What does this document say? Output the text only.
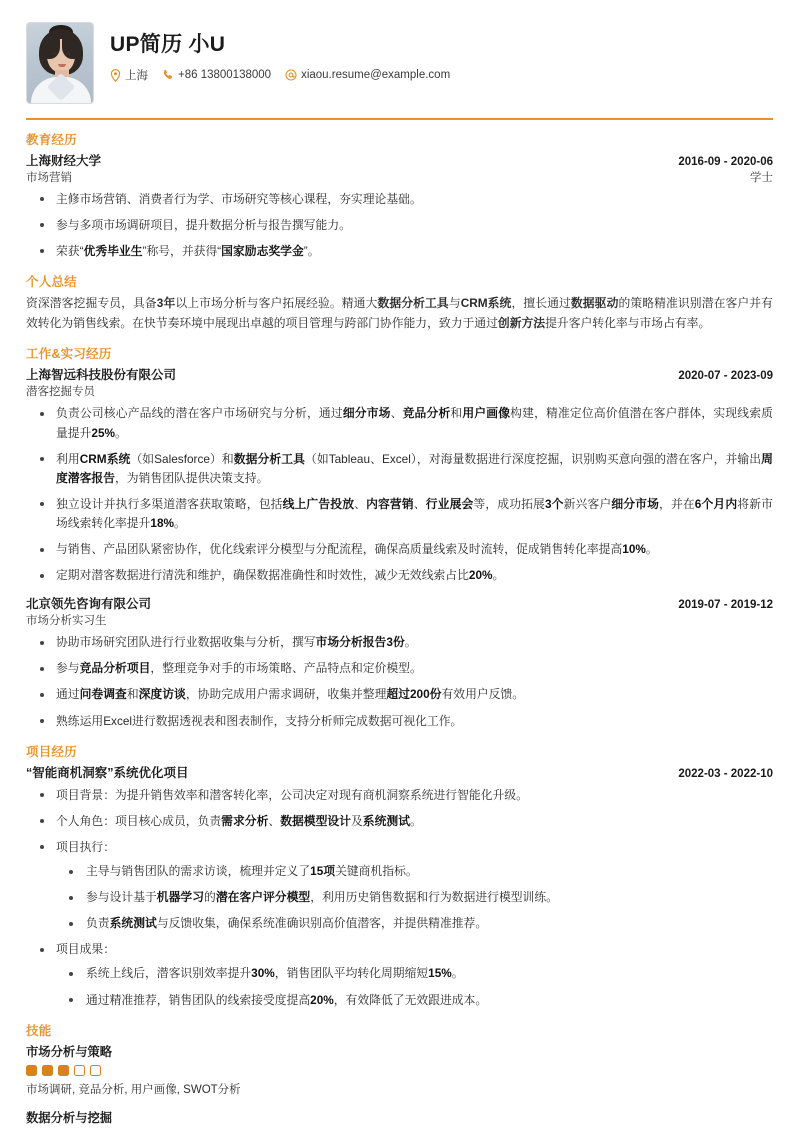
UP简历 小U
上海	+86 13800138000	xiaou.resume@example.com
教育经历
上海财经大学	2016-09 - 2020-06
市场营销	学士
主修市场营销、消费者行为学、市场研究等核心课程，夯实理论基础。
参与多项市场调研项目，提升数据分析与报告撰写能力。
荣获“优秀毕业生”称号，并获得“国家励志奖学金”。
个人总结
资深潜客挖掘专员，具备3年以上市场分析与客户拓展经验。精通大数据分析工具与CRM系统，擅长通过数据驱动的策略精准识别潜在客户并有效转化为销售线索。在快节奏环境中展现出卓越的项目管理与跨部门协作能力，致力于通过创新方法提升客户转化率与市场占有率。
工作&实习经历
上海智远科技股份有限公司	2020-07 - 2023-09
潜客挖掘专员
负责公司核心产品线的潜在客户市场研究与分析，通过细分市场、竞品分析和用户画像构建，精准定位高价值潜在客户群体，实现线索质量提升25%。
利用CRM系统（如Salesforce）和数据分析工具（如Tableau、Excel），对海量数据进行深度挖掘，识别购买意向强的潜在客户，并输出周度潜客报告，为销售团队提供决策支持。
独立设计并执行多渠道潜客获取策略，包括线上广告投放、内容营销、行业展会等，成功拓展3个新兴客户细分市场，并在6个月内将新市场线索转化率提升18%。
与销售、产品团队紧密协作，优化线索评分模型与分配流程，确保高质量线索及时流转，促成销售转化率提高10%。
定期对潜客数据进行清洗和维护，确保数据准确性和时效性，减少无效线索占比20%。
北京领先咨询有限公司	2019-07 - 2019-12
市场分析实习生
协助市场研究团队进行行业数据收集与分析，撰写市场分析报告3份。
参与竞品分析项目，整理竞争对手的市场策略、产品特点和定价模型。
通过问卷调查和深度访谈，协助完成用户需求调研，收集并整理超过200份有效用户反馈。
熟练运用Excel进行数据透视表和图表制作，支持分析师完成数据可视化工作。
项目经历
“智能商机洞察”系统优化项目	2022-03 - 2022-10
项目背景：为提升销售效率和潜客转化率，公司决定对现有商机洞察系统进行智能化升级。
个人角色：项目核心成员，负责需求分析、数据模型设计及系统测试。
项目执行：
主导与销售团队的需求访谈，梳理并定义了15项关键商机指标。
参与设计基于机器学习的潜在客户评分模型，利用历史销售数据和行为数据进行模型训练。
负责系统测试与反馈收集，确保系统准确识别高价值潜客，并提供精准推荐。
项目成果：
系统上线后，潜客识别效率提升30%，销售团队平均转化周期缩短15%。
通过精准推荐，销售团队的线索接受度提高20%，有效降低了无效跟进成本。
技能
市场分析与策略
市场调研, 竞品分析, 用户画像, SWOT分析
数据分析与挖掘
